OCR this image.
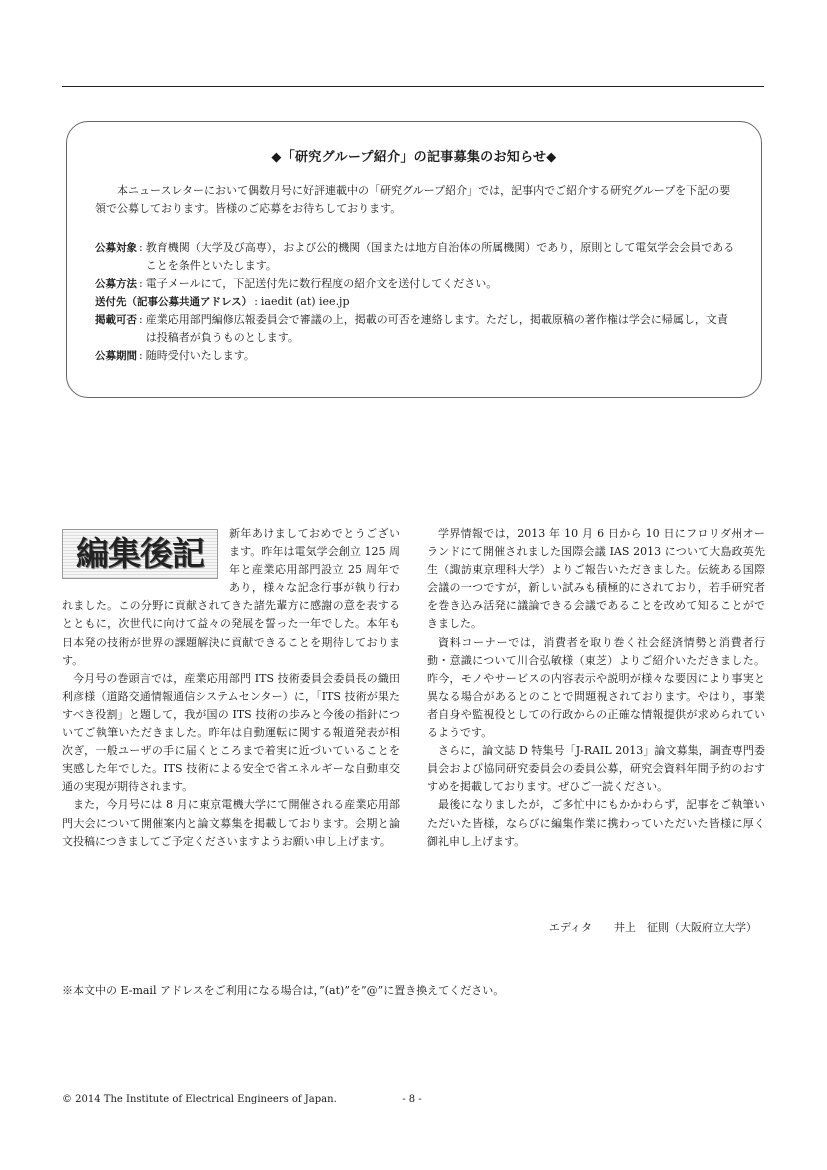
◆「研究グループ紹介」の記事募集のお知らせ◆
本ニュースレターにおいて偶数月号に好評連載中の「研究グループ紹介」では，記事内でご紹介する研究グループを下記の要領で公募しております。皆様のご応募をお待ちしております。
公募対象 : 教育機関（大学及び高専），および公的機関（国または地方自治体の所属機関）であり，原則として電気学会会員であることを条件といたします。
公募方法 : 電子メールにて，下記送付先に数行程度の紹介文を送付してください。
送付先（記事公募共通アドレス） : iaedit (at) iee.jp
掲載可否 : 産業応用部門編修広報委員会で審議の上，掲載の可否を連絡します。ただし，掲載原稿の著作権は学会に帰属し，文責は投稿者が負うものとします。
公募期間 : 随時受付いたします。
編集後記

新年あけましておめでとうございます。昨年は電気学会創立 125 周年と産業応用部門設立 25 周年であり，様々な記念行事が執り行われました。この分野に貢献されてきた諸先輩方に感謝の意を表するとともに，次世代に向けて益々の発展を誓った一年でした。本年も日本発の技術が世界の課題解決に貢献できることを期待しております。

今月号の巻頭言では，産業応用部門 ITS 技術委員会委員長の織田利彦様（道路交通情報通信システムセンター）に，「ITS 技術が果たすべき役割」と題して，我が国の ITS 技術の歩みと今後の指針についてご執筆いただきました。昨年は自動運転に関する報道発表が相次ぎ，一般ユーザの手に届くところまで着実に近づいていることを実感した年でした。ITS 技術による安全で省エネルギーな自動車交通の実現が期待されます。

また，今月号には 8 月に東京電機大学にて開催される産業応用部門大会について開催案内と論文募集を掲載しております。会期と論文投稿につきましてご予定くださいますようお願い申し上げます。

学界情報では，2013 年 10 月 6 日から 10 日にフロリダ州オーランドにて開催されました国際会議 IAS 2013 について大島政英先生（諏訪東京理科大学）よりご報告いただきました。伝統ある国際会議の一つですが，新しい試みも積極的にされており，若手研究者を巻き込み活発に議論できる会議であることを改めて知ることができました。

資料コーナーでは，消費者を取り巻く社会経済情勢と消費者行動・意識について川合弘敏様（東芝）よりご紹介いただきました。昨今，モノやサービスの内容表示や説明が様々な要因により事実と異なる場合があるとのことで問題視されております。やはり，事業者自身や監視役としての行政からの正確な情報提供が求められているようです。

さらに，論文誌 D 特集号「J-RAIL 2013」論文募集，調査専門委員会および協同研究委員会の委員公募，研究会資料年間予約のおすすめを掲載しております。ぜひご一読ください。

最後になりましたが，ご多忙中にもかかわらず，記事をご執筆いただいた皆様，ならびに編集作業に携わっていただいた皆様に厚く御礼申し上げます。

エディタ　　井上　征則（大阪府立大学）
※本文中の E-mail アドレスをご利用になる場合は，”(at)”を”@”に置き換えてください。
© 2014 The Institute of Electrical Engineers of Japan.	- 8 -
